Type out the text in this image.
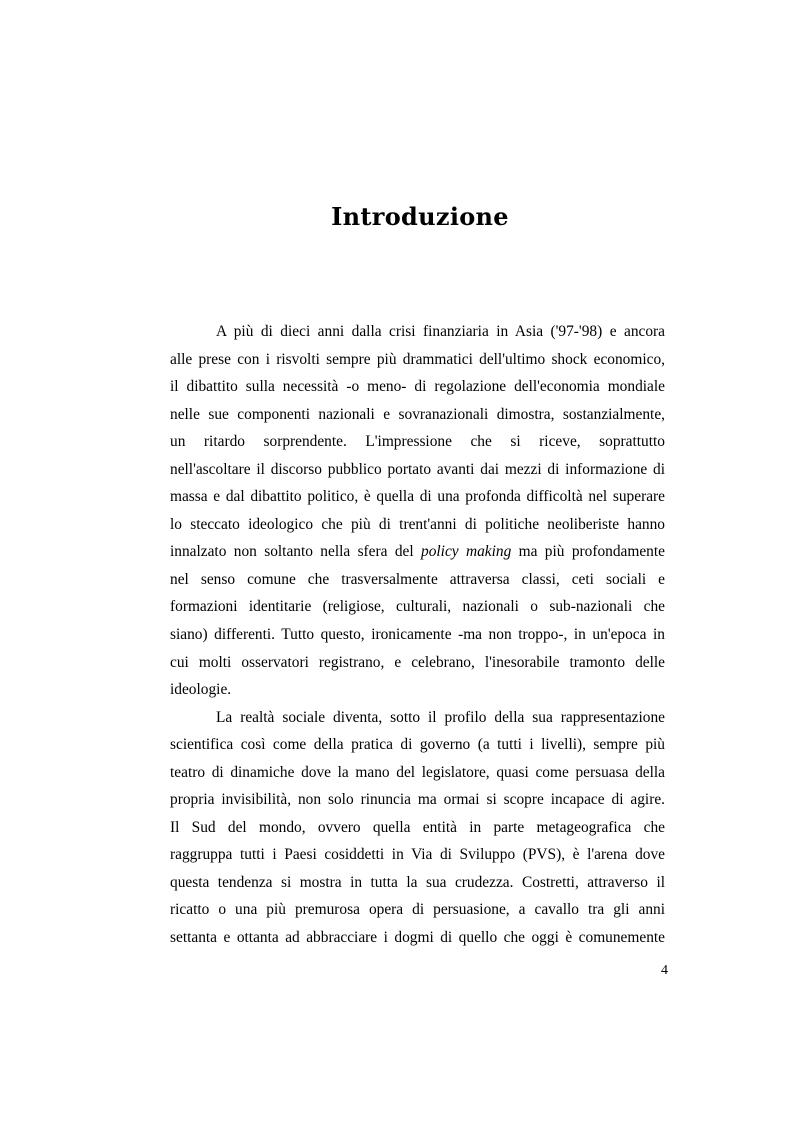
Introduzione
A più di dieci anni dalla crisi finanziaria in Asia ('97-'98) e ancora
alle prese con i risvolti sempre più drammatici dell'ultimo shock economico,
il dibattito sulla necessità -o meno- di regolazione dell'economia mondiale
nelle sue componenti nazionali e sovranazionali dimostra, sostanzialmente,
un ritardo sorprendente. L'impressione che si riceve, soprattutto
nell'ascoltare il discorso pubblico portato avanti dai mezzi di informazione di
massa e dal dibattito politico, è quella di una profonda difficoltà nel superare
lo steccato ideologico che più di trent'anni di politiche neoliberiste hanno
innalzato non soltanto nella sfera del policy making ma più profondamente
nel senso comune che trasversalmente attraversa classi, ceti sociali e
formazioni identitarie (religiose, culturali, nazionali o sub-nazionali che
siano) differenti. Tutto questo, ironicamente -ma non troppo-, in un'epoca in
cui molti osservatori registrano, e celebrano, l'inesorabile tramonto delle
ideologie.
La realtà sociale diventa, sotto il profilo della sua rappresentazione
scientifica così come della pratica di governo (a tutti i livelli), sempre più
teatro di dinamiche dove la mano del legislatore, quasi come persuasa della
propria invisibilità, non solo rinuncia ma ormai si scopre incapace di agire.
Il Sud del mondo, ovvero quella entità in parte metageografica che
raggruppa tutti i Paesi cosiddetti in Via di Sviluppo (PVS), è l'arena dove
questa tendenza si mostra in tutta la sua crudezza. Costretti, attraverso il
ricatto o una più premurosa opera di persuasione, a cavallo tra gli anni
settanta e ottanta ad abbracciare i dogmi di quello che oggi è comunemente
4
